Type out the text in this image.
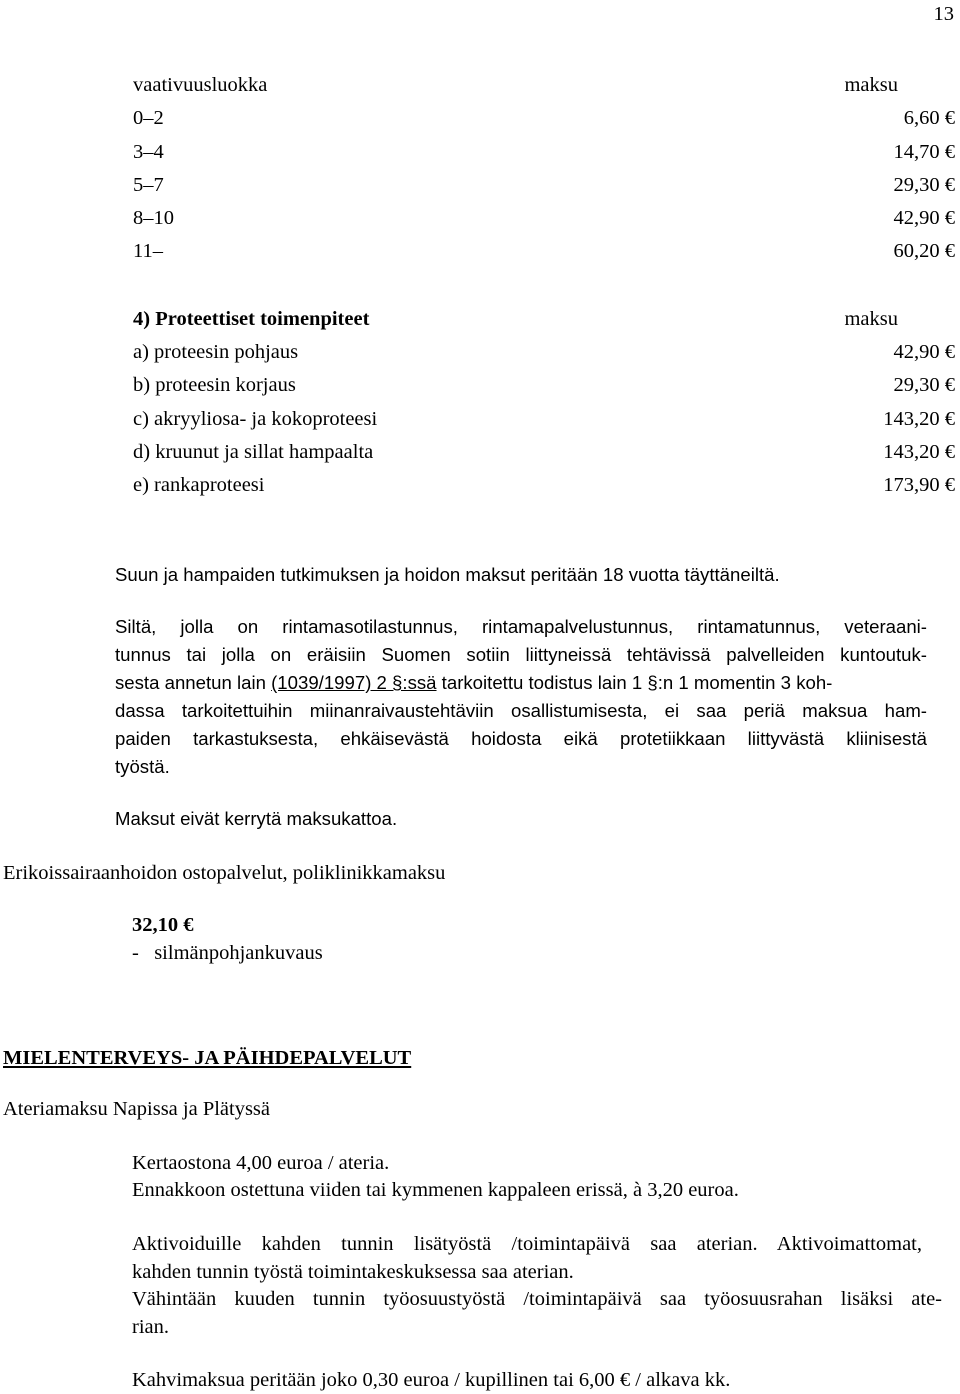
13
vaativuusluokka	maksu
0–2	6,60 €
3–4	14,70 €
5–7	29,30 €
8–10	42,90 €
11–	60,20 €
4) Proteettiset toimenpiteet	maksu
a) proteesin pohjaus	42,90 €
b) proteesin korjaus	29,30 €
c) akryyliosa- ja kokoproteesi	143,20 €
d) kruunut ja sillat hampaalta	143,20 €
e) rankaproteesi	173,90 €
Suun ja hampaiden tutkimuksen ja hoidon maksut peritään 18 vuotta täyttäneiltä.
Siltä, jolla on rintamasotilastunnus, rintamapalvelustunnus, rintamatunnus, veteraani-
tunnus tai jolla on eräisiin Suomen sotiin liittyneissä tehtävissä palvelleiden kuntoutuk-
sesta annetun lain (1039/1997) 2 §:ssä tarkoitettu todistus lain 1 §:n 1 momentin 3 koh-
dassa tarkoitettuihin miinanraivaustehtäviin osallistumisesta, ei saa periä maksua ham-
paiden tarkastuksesta, ehkäisevästä hoidosta eikä protetiikkaan liittyvästä kliinisestä
työstä.
Maksut eivät kerrytä maksukattoa.
Erikoissairaanhoidon ostopalvelut, poliklinikkamaksu
32,10 €
-   silmänpohjankuvaus
MIELENTERVEYS- JA PÄIHDEPALVELUT
Ateriamaksu Napissa ja Plätyssä
Kertaostona 4,00 euroa / ateria.
Ennakkoon ostettuna viiden tai kymmenen kappaleen erissä, à 3,20 euroa.
Aktivoiduille kahden tunnin lisätyöstä /toimintapäivä saa aterian. Aktivoimattomat,
kahden tunnin työstä toimintakeskuksessa saa aterian.
Vähintään kuuden tunnin työosuustyöstä /toimintapäivä saa työosuusrahan lisäksi ate-
rian.
Kahvimaksua peritään joko 0,30 euroa / kupillinen tai 6,00 € / alkava kk.
